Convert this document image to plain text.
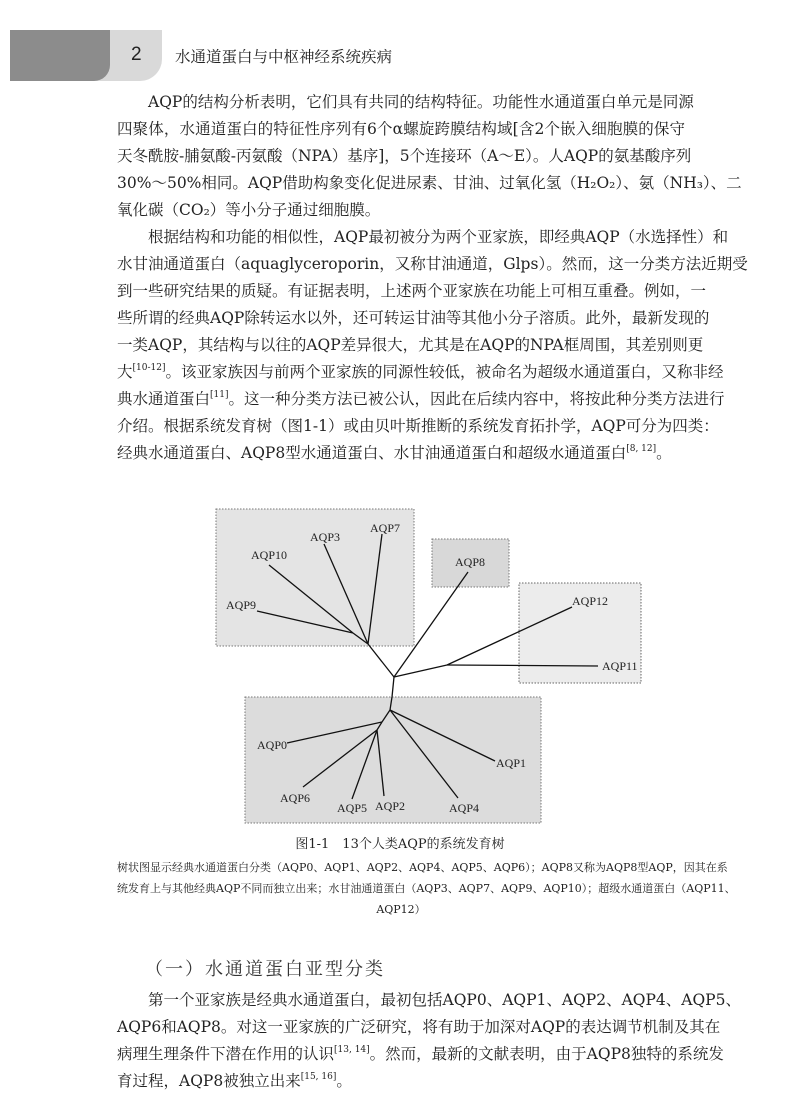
2 水通道蛋白与中枢神经系统疾病
AQP的结构分析表明，它们具有共同的结构特征。功能性水通道蛋白单元是同源
四聚体，水通道蛋白的特征性序列有6个α螺旋跨膜结构域[含2个嵌入细胞膜的保守
天冬酰胺-脯氨酸-丙氨酸（NPA）基序]，5个连接环（A～E）。人AQP的氨基酸序列
30%～50%相同。AQP借助构象变化促进尿素、甘油、过氧化氢（H₂O₂）、氨（NH₃）、二
氧化碳（CO₂）等小分子通过细胞膜。
根据结构和功能的相似性，AQP最初被分为两个亚家族，即经典AQP（水选择性）和
水甘油通道蛋白（aquaglyceroporin，又称甘油通道，Glps）。然而，这一分类方法近期受
到一些研究结果的质疑。有证据表明，上述两个亚家族在功能上可相互重叠。例如，一
些所谓的经典AQP除转运水以外，还可转运甘油等其他小分子溶质。此外，最新发现的
一类AQP，其结构与以往的AQP差异很大，尤其是在AQP的NPA框周围，其差别则更
大[10-12]。该亚家族因与前两个亚家族的同源性较低，被命名为超级水通道蛋白，又称非经
典水通道蛋白[11]。这一种分类方法已被公认，因此在后续内容中，将按此种分类方法进行
介绍。根据系统发育树（图1-1）或由贝叶斯推断的系统发育拓扑学，AQP可分为四类：
经典水通道蛋白、AQP8型水通道蛋白、水甘油通道蛋白和超级水通道蛋白[8, 12]。
AQP3
AQP7
AQP10
AQP9
AQP8
AQP12
AQP11
AQP0
AQP1
AQP6
AQP5 AQP2	AQP4
图1-1　13个人类AQP的系统发育树
树状图显示经典水通道蛋白分类（AQP0、AQP1、AQP2、AQP4、AQP5、AQP6）；AQP8又称为AQP8型AQP，因其在系
统发育上与其他经典AQP不同而独立出来；水甘油通道蛋白（AQP3、AQP7、AQP9、AQP10）；超级水通道蛋白（AQP11、
AQP12）
（一）水通道蛋白亚型分类
第一个亚家族是经典水通道蛋白，最初包括AQP0、AQP1、AQP2、AQP4、AQP5、
AQP6和AQP8。对这一亚家族的广泛研究，将有助于加深对AQP的表达调节机制及其在
病理生理条件下潜在作用的认识[13, 14]。然而，最新的文献表明，由于AQP8独特的系统发
育过程，AQP8被独立出来[15, 16]。
